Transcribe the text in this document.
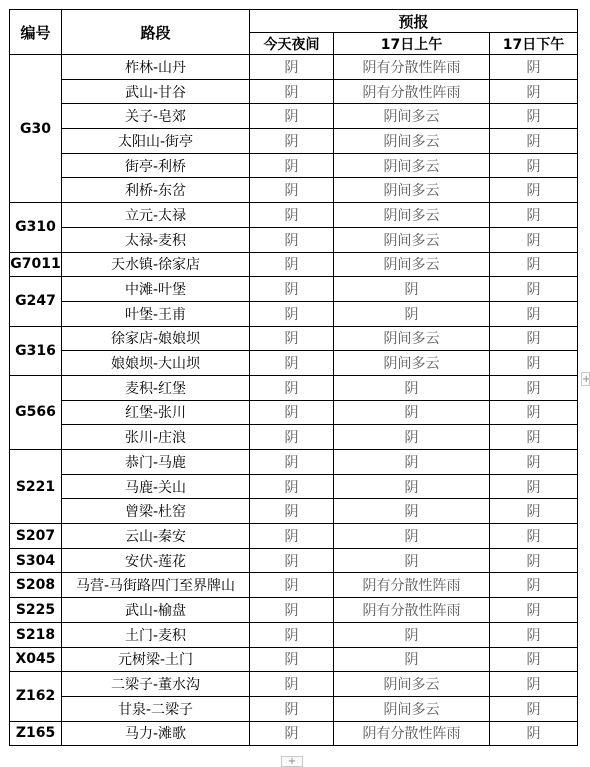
编号	路段	预报		
		今天夜间	17日上午	17日下午
G30	柞林-山丹	阴	阴有分散性阵雨	阴
	武山-甘谷	阴	阴有分散性阵雨	阴
	关子-皂郊	阴	阴间多云	阴
	太阳山-街亭	阴	阴间多云	阴
	街亭-利桥	阴	阴间多云	阴
	利桥-东岔	阴	阴间多云	阴
G310	立元-太禄	阴	阴间多云	阴
	太禄-麦积	阴	阴间多云	阴
G7011	天水镇-徐家店	阴	阴间多云	阴
G247	中滩-叶堡	阴	阴	阴
	叶堡-王甫	阴	阴	阴
G316	徐家店-娘娘坝	阴	阴间多云	阴
	娘娘坝-大山坝	阴	阴间多云	阴
G566	麦积-红堡	阴	阴	阴
	红堡-张川	阴	阴	阴
	张川-庄浪	阴	阴	阴
S221	恭门-马鹿	阴	阴	阴
	马鹿-关山	阴	阴	阴
	曾梁-杜窑	阴	阴	阴
S207	云山-秦安	阴	阴	阴
S304	安伏-莲花	阴	阴	阴
S208	马营-马街路四门至界牌山	阴	阴有分散性阵雨	阴
S225	武山-榆盘	阴	阴有分散性阵雨	阴
S218	土门-麦积	阴	阴	阴
X045	元树梁-土门	阴	阴	阴
Z162	二梁子-董水沟	阴	阴间多云	阴
	甘泉-二梁子	阴	阴间多云	阴
Z165	马力-滩歌	阴	阴有分散性阵雨	阴
+
+
